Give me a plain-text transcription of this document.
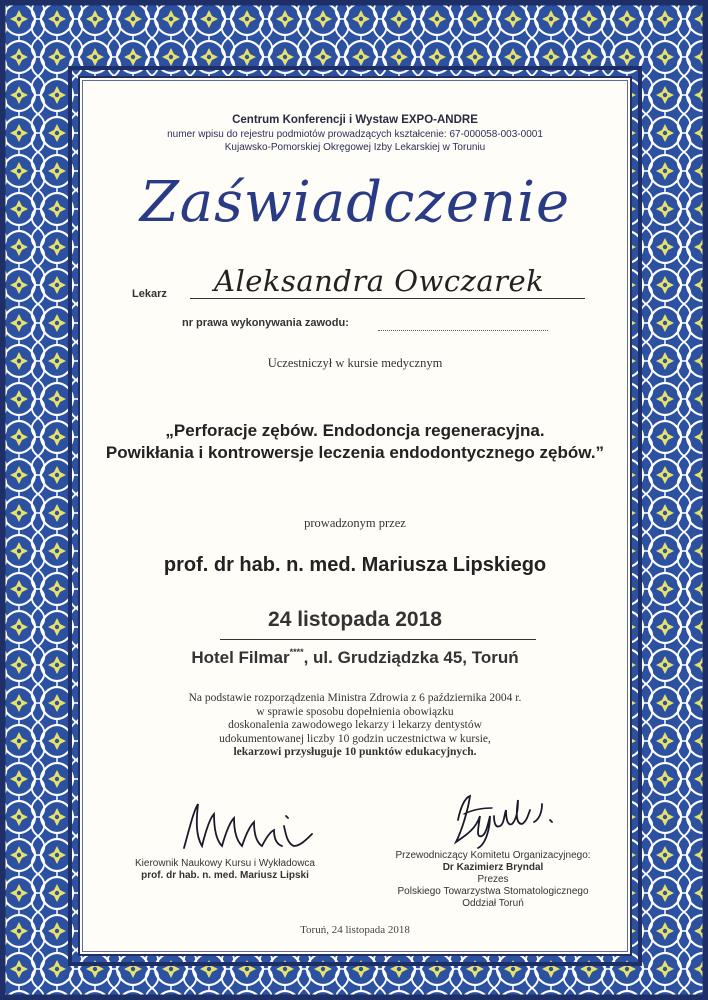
Centrum Konferencji i Wystaw EXPO-ANDRE
numer wpisu do rejestru podmiotów prowadzących kształcenie: 67-000058-003-0001
Kujawsko-Pomorskiej Okręgowej Izby Lekarskiej w Toruniu
Zaświadczenie
Lekarz Aleksandra Owczarek
nr prawa wykonywania zawodu:
Uczestniczył w kursie medycznym
„Perforacje zębów. Endodoncja regeneracyjna.
Powikłania i kontrowersje leczenia endodontycznego zębów.”
prowadzonym przez
prof. dr hab. n. med. Mariusza Lipskiego
24 listopada 2018
Hotel Filmar****, ul. Grudziądzka 45, Toruń
Na podstawie rozporządzenia Ministra Zdrowia z 6 października 2004 r.
w sprawie sposobu dopełnienia obowiązku
doskonalenia zawodowego lekarzy i lekarzy dentystów
udokumentowanej liczby 10 godzin uczestnictwa w kursie,
lekarzowi przysługuje 10 punktów edukacyjnych.
Kierownik Naukowy Kursu i Wykładowca
prof. dr hab. n. med. Mariusz Lipski
Przewodniczący Komitetu Organizacyjnego:
Dr Kazimierz Bryndal
Prezes
Polskiego Towarzystwa Stomatologicznego
Oddział Toruń
Toruń, 24 listopada 2018
